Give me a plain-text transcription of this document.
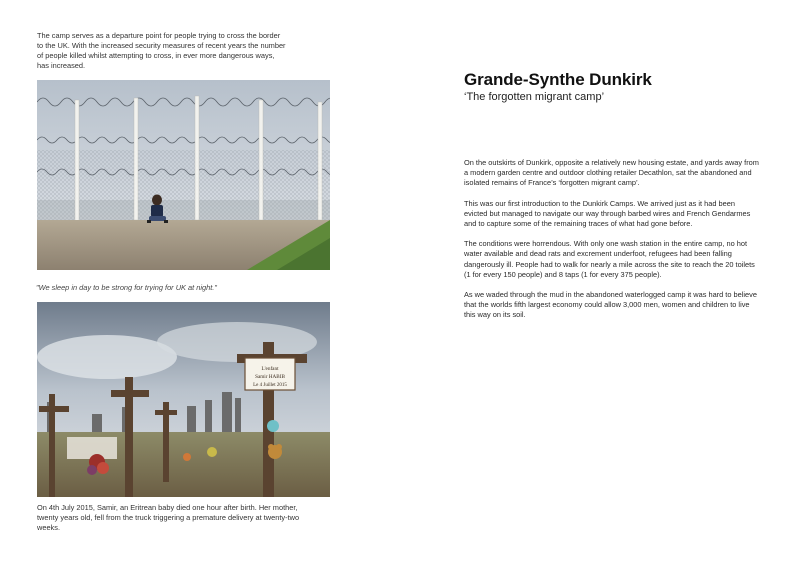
The camp serves as a departure point for people trying to cross the border to the UK. With the increased security measures of recent years the number of people killed whilst attempting to cross, in ever more dangerous ways, has increased.
"We sleep in day to be strong for trying for UK at night."
L'enfant
Samir HABIB
Le 4 Juillet 2015
On 4th July 2015, Samir, an Eritrean baby died one hour after birth. Her mother, twenty years old, fell from the truck triggering a premature delivery at twenty-two weeks.
Grande-Synthe Dunkirk
‘The forgotten migrant camp’

On the outskirts of Dunkirk, opposite a relatively new housing estate, and yards away from a modern garden centre and outdoor clothing retailer Decathlon, sat the abandoned and isolated remains of France’s ‘forgotten migrant camp’.

This was our first introduction to the Dunkirk Camps. We arrived just as it had been evicted but managed to navigate our way through barbed wires and French Gendarmes and to capture some of the remaining traces of what had gone before.

The conditions were horrendous. With only one wash station in the entire camp, no hot water available and dead rats and excrement underfoot, refugees had been falling dangerously ill. People had to walk for nearly a mile across the site to reach the 20 toilets (1 for every 150 people) and 8 taps (1 for every 375 people).

As we waded through the mud in the abandoned waterlogged camp it was hard to believe that the worlds fifth largest economy could allow 3,000 men, women and children to live this way on its soil.
